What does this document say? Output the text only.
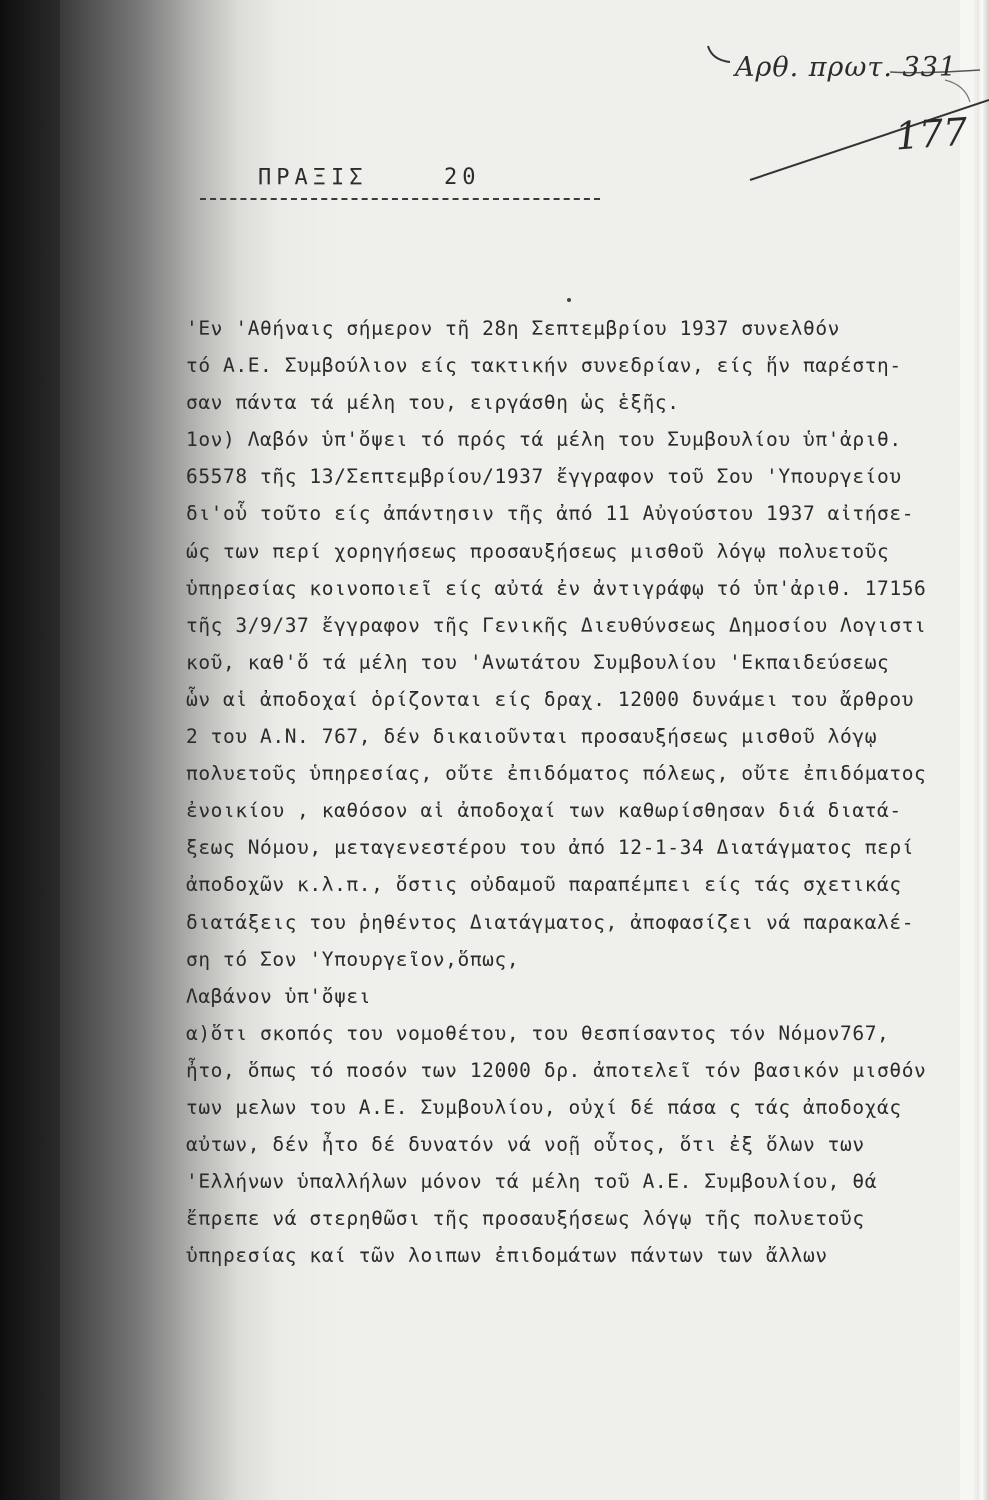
Αρθ. πρωτ. 331
177
ΠΡΑΞΙΣ	20
'Εν 'Αθήναις σήμερον τῆ 28η Σεπτεμβρίου 1937 συνελθόν
τό Α.Ε. Συμβούλιον είς τακτικήν συνεδρίαν, είς ἥν παρέστη-
σαν πάντα τά μέλη του, ειργάσθη ὡς ἑξῆς.
1ον) Λαβόν ὑπ'ὄψει τό πρός τά μέλη του Συμβουλίου ὑπ'ἀριθ.
65578 τῆς 13/Σεπτεμβρίου/1937 ἔγγραφον τοῦ Σου 'Υπουργείου
δι'οὗ τοῦτο είς ἀπάντησιν τῆς ἀπό 11 Αὐγούστου 1937 αἰτήσε-
ώς των περί χορηγήσεως προσαυξήσεως μισθοῦ λόγῳ πολυετοῦς
ὑπηρεσίας κοινοποιεῖ είς αὐτά ἐν ἀντιγράφῳ τό ὑπ'ἀριθ. 17156
τῆς 3/9/37 ἔγγραφον τῆς Γενικῆς Διευθύνσεως Δημοσίου Λογιστι
κοῦ, καθ'ὅ τά μέλη του 'Ανωτάτου Συμβουλίου 'Εκπαιδεύσεως
ὧν αἱ ἀποδοχαί ὁρίζονται είς δραχ. 12000 δυνάμει του ἄρθρου
2 του Α.Ν. 767, δέν δικαιοῦνται προσαυξήσεως μισθοῦ λόγῳ
πολυετοῦς ὑπηρεσίας, οὔτε ἐπιδόματος πόλεως, οὔτε ἐπιδόματος
ἐνοικίου , καθόσον αἱ ἀποδοχαί των καθωρίσθησαν διά διατά-
ξεως Νόμου, μεταγενεστέρου του ἀπό 12-1-34 Διατάγματος περί
ἀποδοχῶν κ.λ.π., ὅστις οὐδαμοῦ παραπέμπει είς τάς σχετικάς
διατάξεις του ῥηθέντος Διατάγματος, ἀποφασίζει νά παρακαλέ-
ση τό Σον 'Υπουργεῖον,ὅπως,
Λαβάνον ὑπ'ὄψει
α)ὅτι σκοπός του νομοθέτου, του θεσπίσαντος τόν Νόμον767,
ἦτο, ὅπως τό ποσόν των 12000 δρ. ἀποτελεῖ τόν βασικόν μισθόν
των μελων του Α.Ε. Συμβουλίου, οὐχί δέ πάσα ς τάς ἀποδοχάς
αὐτων, δέν ἦτο δέ δυνατόν νά νοῇ οὗτος, ὅτι ἐξ ὅλων των
'Ελλήνων ὑπαλλήλων μόνον τά μέλη τοῦ Α.Ε. Συμβουλίου, θά
ἔπρεπε νά στερηθῶσι τῆς προσαυξήσεως λόγῳ τῆς πολυετοῦς
ὑπηρεσίας καί τῶν λοιπων ἐπιδομάτων πάντων των ἄλλων
